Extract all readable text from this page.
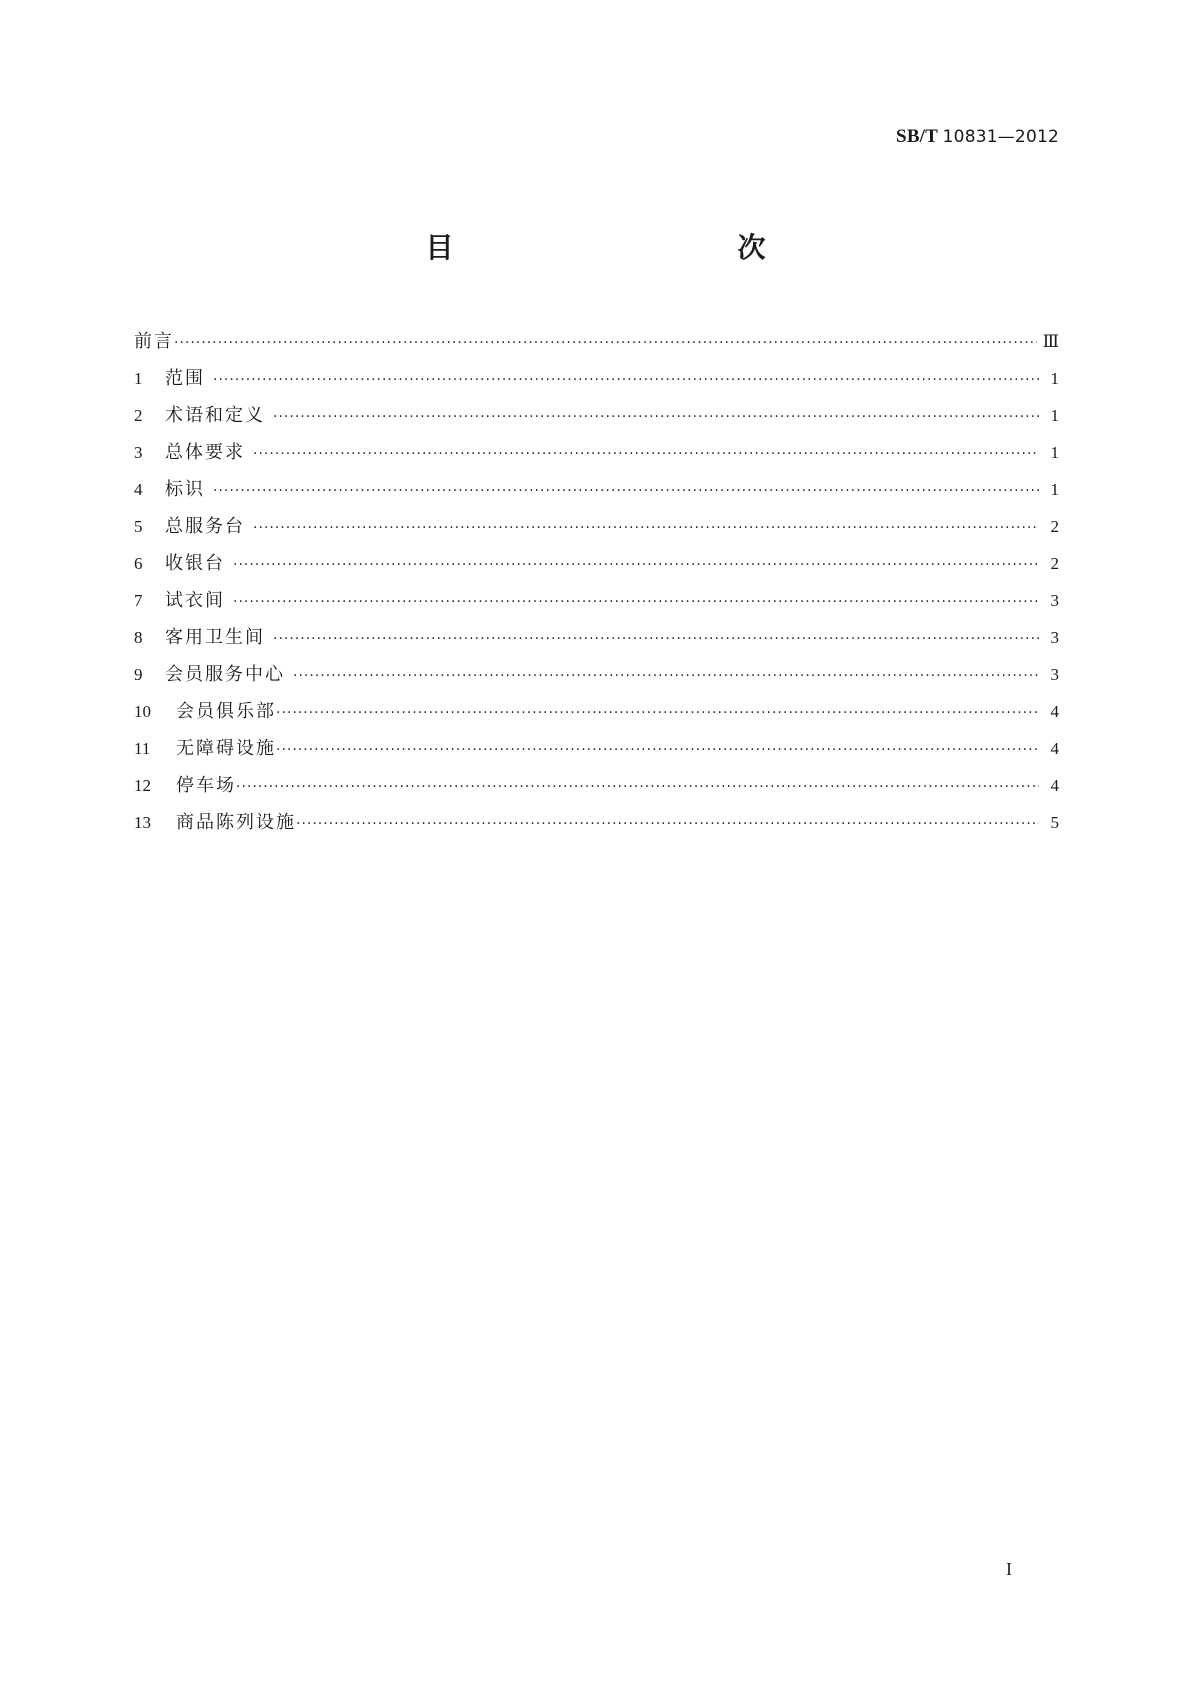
SB/T 10831—2012
目　　次
前言 ·····	Ⅲ
1	范围 ·····	1
2	术语和定义 ·····	1
3	总体要求 ·····	1
4	标识 ·····	1
5	总服务台 ·····	2
6	收银台 ·····	2
7	试衣间 ·····	3
8	客用卫生间 ·····	3
9	会员服务中心 ·····	3
10	会员俱乐部 ·····	4
11	无障碍设施 ·····	4
12	停车场 ·····	4
13	商品陈列设施 ·····	5
I
